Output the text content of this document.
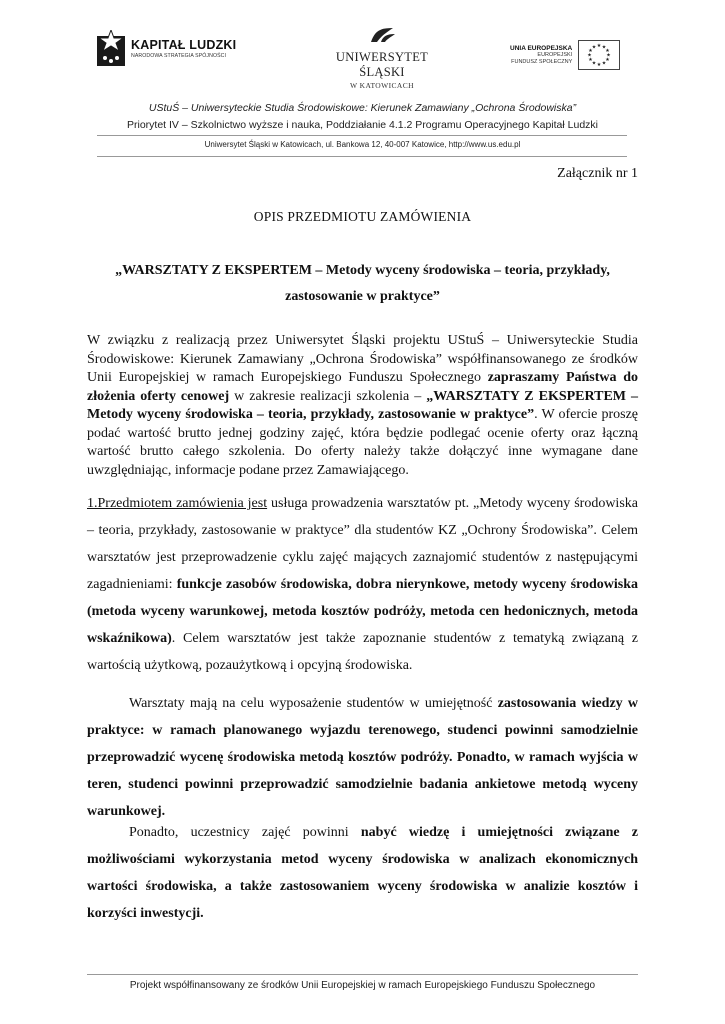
KAPITAŁ LUDZKI
NARODOWA STRATEGIA SPÓJNOŚCI	UNIWERSYTET ŚLĄSKI
W KATOWICACH
UNIA EUROPEJSKA
EUROPEJSKI
FUNDUSZ SPOŁECZNY
★ ★
★
★
★
★
★
★
★
★
★
★
UStuŚ – Uniwersyteckie Studia Środowiskowe: Kierunek Zamawiany „Ochrona Środowiska”
Priorytet IV – Szkolnictwo wyższe i nauka, Poddziałanie 4.1.2 Programu Operacyjnego Kapitał Ludzki
Uniwersytet Śląski w Katowicach, ul. Bankowa 12, 40-007 Katowice, http://www.us.edu.pl
Załącznik nr 1
OPIS PRZEDMIOTU ZAMÓWIENIA
„WARSZTATY Z EKSPERTEM – Metody wyceny środowiska – teoria, przykłady, zastosowanie w praktyce”

W związku z realizacją przez Uniwersytet Śląski projektu UStuŚ – Uniwersyteckie Studia Środowiskowe: Kierunek Zamawiany „Ochrona Środowiska” współfinansowanego ze środków Unii Europejskiej w ramach Europejskiego Funduszu Społecznego zapraszamy Państwa do złożenia oferty cenowej w zakresie realizacji szkolenia – „WARSZTATY Z EKSPERTEM – Metody wyceny środowiska – teoria, przykłady, zastosowanie w praktyce”. W ofercie proszę podać wartość brutto jednej godziny zajęć, która będzie podlegać ocenie oferty oraz łączną wartość brutto całego szkolenia. Do oferty należy także dołączyć inne wymagane dane uwzględniając, informacje podane przez Zamawiającego.

1.Przedmiotem zamówienia jest usługa prowadzenia warsztatów pt. „Metody wyceny środowiska – teoria, przykłady, zastosowanie w praktyce” dla studentów KZ „Ochrony Środowiska”. Celem warsztatów jest przeprowadzenie cyklu zajęć mających zaznajomić studentów z następującymi zagadnieniami: funkcje zasobów środowiska, dobra nierynkowe, metody wyceny środowiska (metoda wyceny warunkowej, metoda kosztów podróży, metoda cen hedonicznych, metoda wskaźnikowa). Celem warsztatów jest także zapoznanie studentów z tematyką związaną z wartością użytkową, pozaużytkową i opcyjną środowiska.

Warsztaty mają na celu wyposażenie studentów w umiejętność zastosowania wiedzy w praktyce: w ramach planowanego wyjazdu terenowego, studenci powinni samodzielnie przeprowadzić wycenę środowiska metodą kosztów podróży. Ponadto, w ramach wyjścia w teren, studenci powinni przeprowadzić samodzielnie badania ankietowe metodą wyceny warunkowej.

Ponadto, uczestnicy zajęć powinni nabyć wiedzę i umiejętności związane z możliwościami wykorzystania metod wyceny środowiska w analizach ekonomicznych wartości środowiska, a także zastosowaniem wyceny środowiska w analizie kosztów i korzyści inwestycji.

Projekt współfinansowany ze środków Unii Europejskiej w ramach Europejskiego Funduszu Społecznego
